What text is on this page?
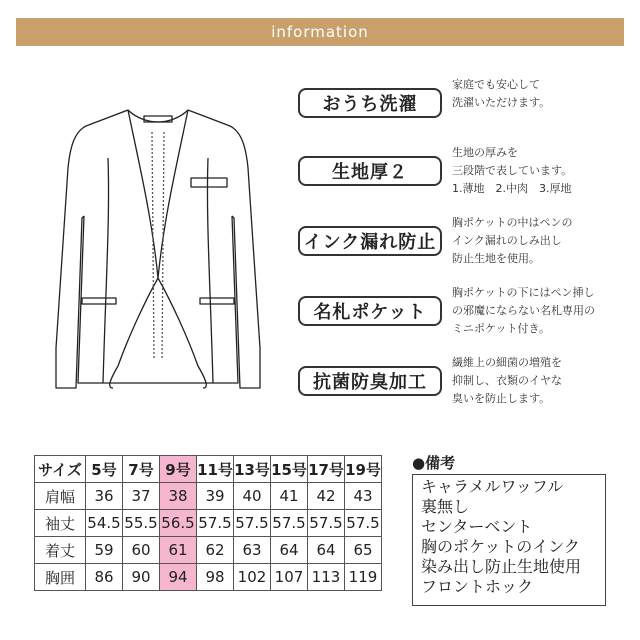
information
おうち洗濯
家庭でも安心して
洗濯いただけます。
生地厚２
生地の厚みを
三段階で表しています。
1.薄地　2.中肉　3.厚地
インク漏れ防止
胸ポケットの中はペンの
インク漏れのしみ出し
防止生地を使用。
名札ポケット
胸ポケットの下にはペン挿し
の邪魔にならない名札専用の
ミニポケット付き。
抗菌防臭加工
繊維上の細菌の増殖を
抑制し、衣類のイヤな
臭いを防止します。
サイズ	5号	7号	9号	11号	13号	15号	17号	19号
肩幅	36	37	38	39	40	41	42	43
袖丈	54.5	55.5	56.5	57.5	57.5	57.5	57.5	57.5
着丈	59	60	61	62	63	64	64	65
胸囲	86	90	94	98	102	107	113	119
●備考
キャラメルワッフル
裏無し
センターベント
胸のポケットのインク
染み出し防止生地使用
フロントホック
